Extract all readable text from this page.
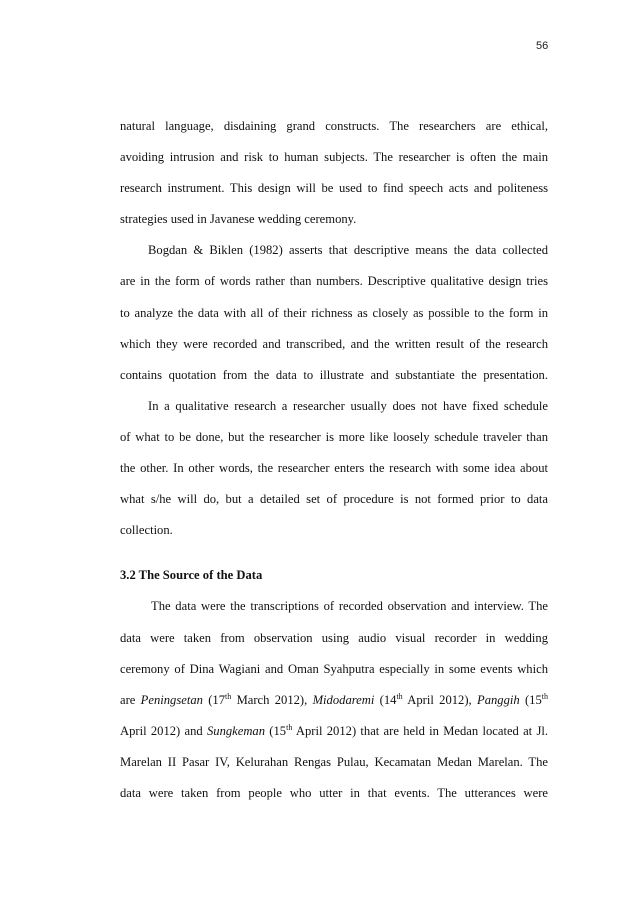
56
natural language, disdaining grand constructs. The researchers are ethical,
avoiding intrusion and risk to human subjects. The researcher is often the main
research instrument. This design will be used to find speech acts and politeness
strategies used in Javanese wedding ceremony.
Bogdan & Biklen (1982) asserts that descriptive means the data collected
are in the form of words rather than numbers. Descriptive qualitative design tries
to analyze the data with all of their richness as closely as possible to the form in
which they were recorded and transcribed, and the written result of the research
contains quotation from the data to illustrate and substantiate the presentation.
In a qualitative research a researcher usually does not have fixed schedule
of what to be done, but the researcher is more like loosely schedule traveler than
the other. In other words, the researcher enters the research with some idea about
what s/he will do, but a detailed set of procedure is not formed prior to data
collection.
3.2 The Source of the Data
The data were the transcriptions of recorded observation and interview. The
data were taken from observation using audio visual recorder in wedding
ceremony of Dina Wagiani and Oman Syahputra especially in some events which
are Peningsetan (17th March 2012), Midodaremi (14th April 2012), Panggih (15th
April 2012) and Sungkeman (15th April 2012) that are held in Medan located at Jl.
Marelan II Pasar IV, Kelurahan Rengas Pulau, Kecamatan Medan Marelan. The
data were taken from people who utter in that events. The utterances were
